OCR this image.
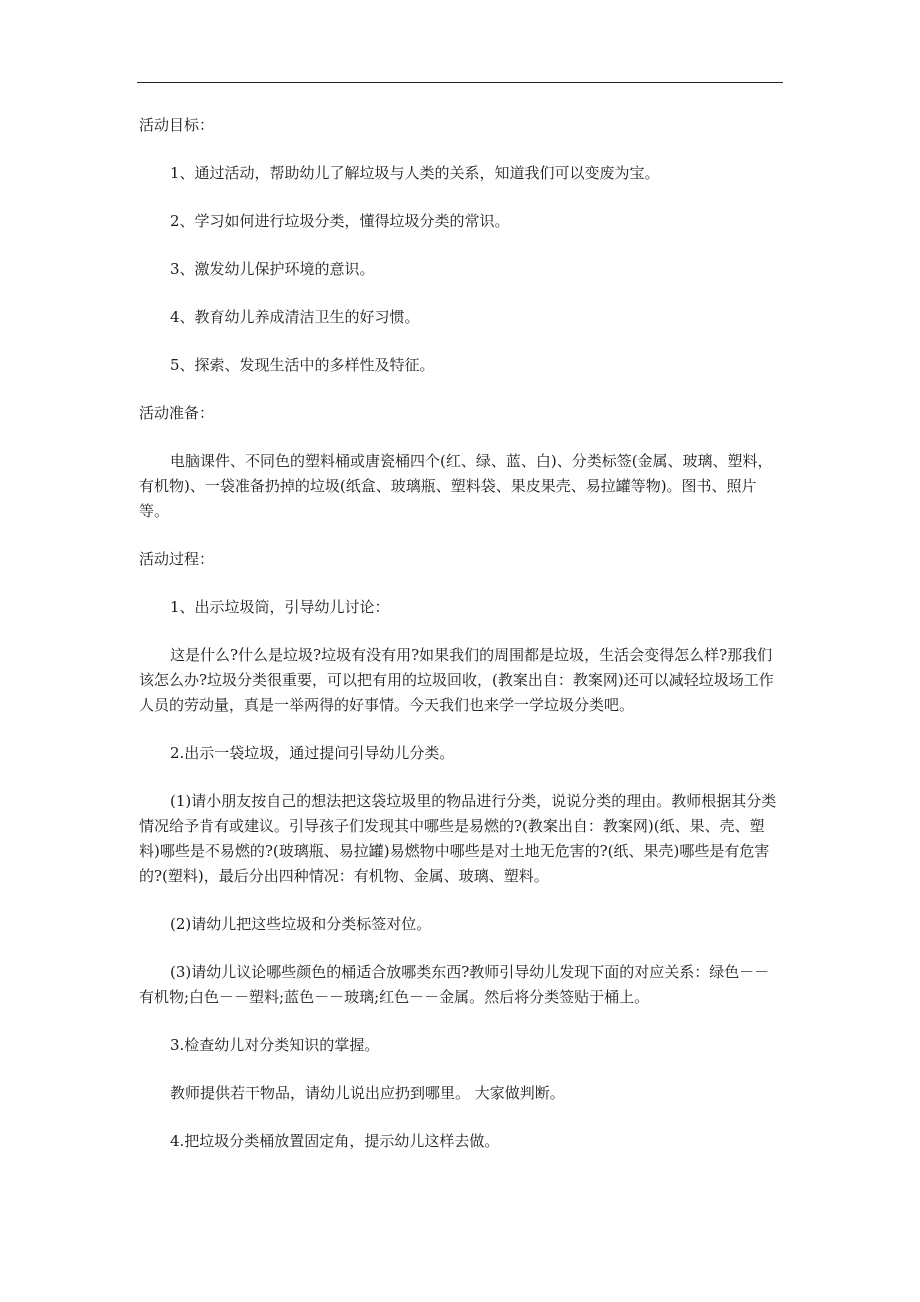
活动目标：

1、通过活动，帮助幼儿了解垃圾与人类的关系，知道我们可以变废为宝。

2、学习如何进行垃圾分类，懂得垃圾分类的常识。

3、激发幼儿保护环境的意识。

4、教育幼儿养成清洁卫生的好习惯。

5、探索、发现生活中的多样性及特征。

活动准备：

电脑课件、不同色的塑料桶或唐瓷桶四个(红、绿、蓝、白)、分类标签(金属、玻璃、塑料，有机物)、一袋准备扔掉的垃圾(纸盒、玻璃瓶、塑料袋、果皮果壳、易拉罐等物)。图书、照片等。

活动过程：

1、出示垃圾筒，引导幼儿讨论：

这是什么?什么是垃圾?垃圾有没有用?如果我们的周围都是垃圾，生活会变得怎么样?那我们该怎么办?垃圾分类很重要，可以把有用的垃圾回收，(教案出自：教案网)还可以减轻垃圾场工作人员的劳动量，真是一举两得的好事情。今天我们也来学一学垃圾分类吧。

2.出示一袋垃圾，通过提问引导幼儿分类。

(1)请小朋友按自己的想法把这袋垃圾里的物品进行分类，说说分类的理由。教师根据其分类情况给予肯有或建议。引导孩子们发现其中哪些是易燃的?(教案出自：教案网)(纸、果、壳、塑料)哪些是不易燃的?(玻璃瓶、易拉罐)易燃物中哪些是对土地无危害的?(纸、果壳)哪些是有危害的?(塑料)，最后分出四种情况：有机物、金属、玻璃、塑料。

(2)请幼儿把这些垃圾和分类标签对位。

(3)请幼儿议论哪些颜色的桶适合放哪类东西?教师引导幼儿发现下面的对应关系：绿色－－有机物;白色－－塑料;蓝色－－玻璃;红色－－金属。然后将分类签贴于桶上。

3.检查幼儿对分类知识的掌握。

教师提供若干物品，请幼儿说出应扔到哪里。 大家做判断。

4.把垃圾分类桶放置固定角，提示幼儿这样去做。
